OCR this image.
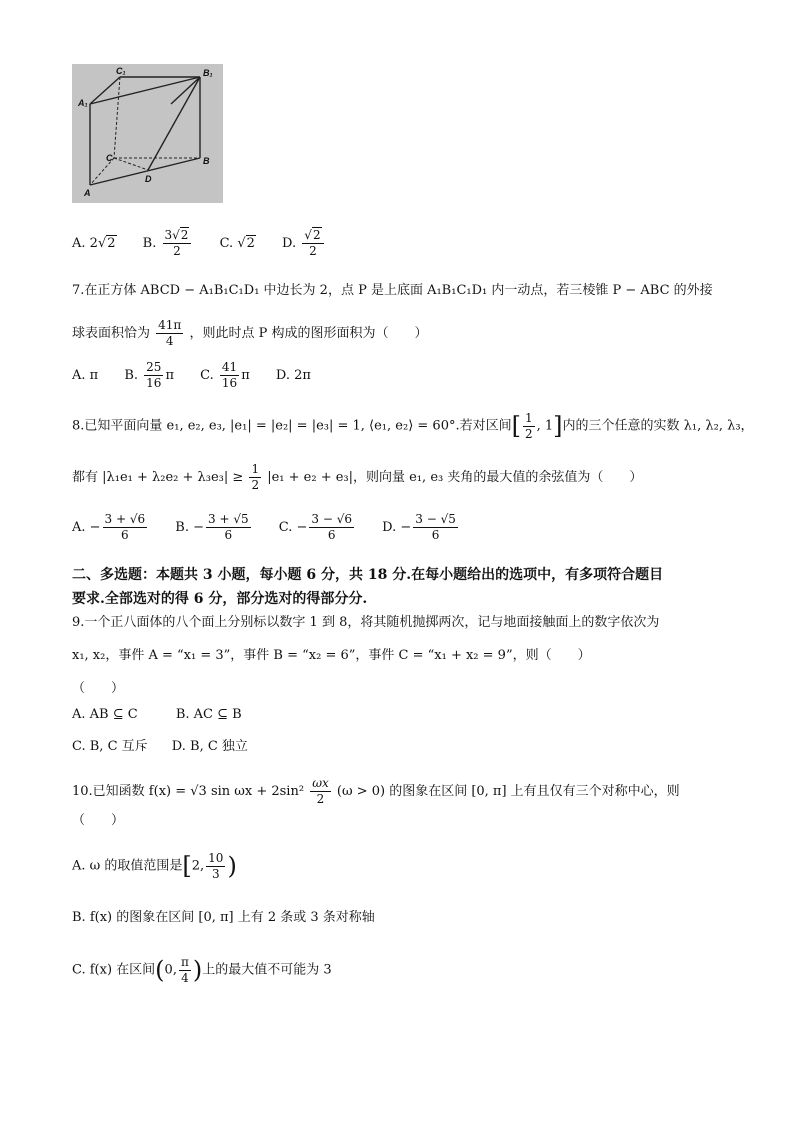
C₁	B₁
A₁
C	B
D
A
A. 2√2 B. $\frac{3√2}{2} C$. √2 D. $\frac{√2}{2}$
7.在正方体 ABCD − A₁B₁C₁D₁ 中边长为 2，点 P 是上底面 A₁B₁C₁D₁ 内一动点，若三棱锥 P − ABC 的外接
球表面积恰为 $\frac{41\pi}{4}$ ，则此时点 P 构成的图形面积为（　　）
A. π B. $\frac{25}{16}$ π C. $\frac{41}{16}$ π D. 2π
8.已知平面向量 e₁, e₂, e₃, |e₁| = |e₂| = |e₃| = 1, ⟨e₁, e₂⟩ = 60°.若对区间[ $\frac{1}{2}$ , 1]内的三个任意的实数 λ₁, λ₂, λ₃，
都有 $|\lambda_1e_1 + \lambda_2e_2 + \lambda_3e_3| \ge \frac{1}{2} |e_1 + e_2 + e_3|$，则向量 e₁, e₃ 夹角的最大值的余弦值为（　　）
A. − $\frac{3 + √6}{6} B$. − $\frac{3 + √5}{6} C$. − $\frac{3 - √6}{6} D$. − $\frac{3 - √5}{6}$
二、多选题：本题共 3 小题，每小题 6 分，共 18 分.在每小题给出的选项中，有多项符合题目
要求.全部选对的得 6 分，部分选对的得部分分.
9.一个正八面体的八个面上分别标以数字 1 到 8，将其随机抛掷两次，记与地面接触面上的数字依次为
x₁, x₂，事件 A = “x₁ = 3”，事件 B = “x₂ = 6”，事件 C = “x₁ + x₂ = 9”，则（　　）
（　　）
A. AB ⊆ C	B. AC ⊆ B
C. B, C 互斥 D. B, C 独立
10.已知函数 f(x) = √3 $\sin \omega x + 2\sin^2 \frac{\omega x}{2} (\omega > 0)$ 的图象在区间 [0, π] 上有且仅有三个对称中心，则
（　　）
A. ω 的取值范围是[2, $\frac{10}{3}$ )
B. f(x) 的图象在区间 [0, π] 上有 2 条或 3 条对称轴
C. f(x) 在区间(0, $\frac{\pi}{4}$ )上的最大值不可能为 3
